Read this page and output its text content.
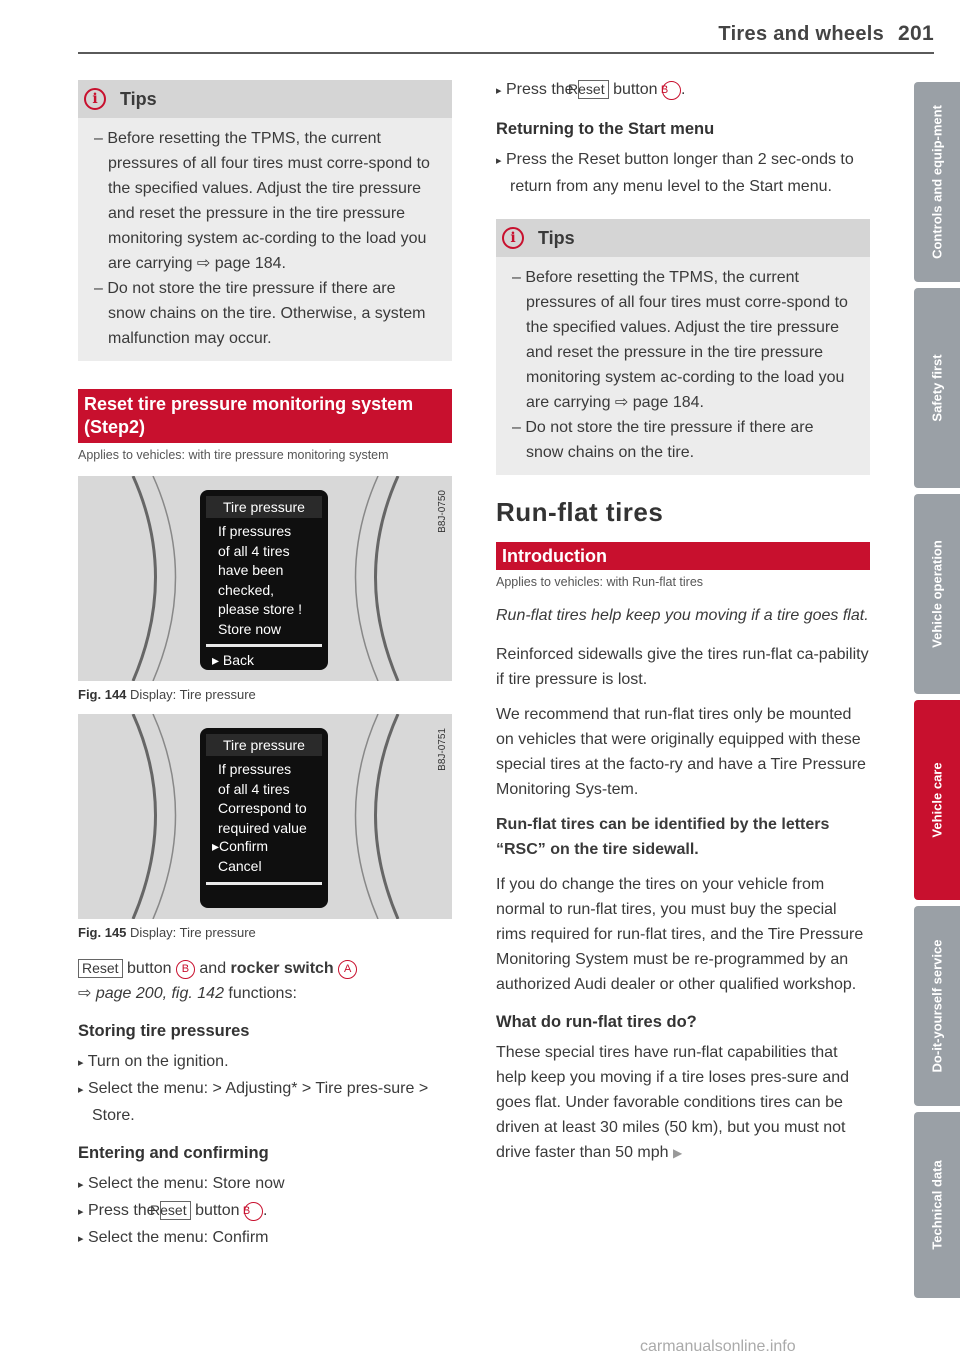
Tires and wheels 201
i	Tips
– Before resetting the TPMS, the current pressures of all four tires must corre-spond to the specified values. Adjust the tire pressure and reset the pressure in the tire pressure monitoring system ac-cording to the load you are carrying ⇨ page 184.
– Do not store the tire pressure if there are snow chains on the tire. Otherwise, a system malfunction may occur.
Reset tire pressure monitoring system (Step2)
Applies to vehicles: with tire pressure monitoring system
Tire pressure
If pressures
of all 4 tires
have been
checked,
please store !
Store now
▸ Back
B8J-0750
Fig. 144 Display: Tire pressure
Tire pressure
If pressures
of all 4 tires
Correspond to
required value
▸Confirm
Cancel
B8J-0751
Fig. 145 Display: Tire pressure
Reset button B and rocker switch A
⇨ page 200, fig. 142 functions:
Storing tire pressures
▸ Turn on the ignition.
▸ Select the menu: > Adjusting* > Tire pres-sure > Store.
Entering and confirming
▸ Select the menu: Store now
▸ Press the Reset button B .
▸ Select the menu: Confirm
▸ Press the Reset button B .
Returning to the Start menu
▸ Press the Reset button longer than 2 sec-onds to return from any menu level to the Start menu.
i	Tips
– Before resetting the TPMS, the current pressures of all four tires must corre-spond to the specified values. Adjust the tire pressure and reset the pressure in the tire pressure monitoring system ac-cording to the load you are carrying ⇨ page 184.
– Do not store the tire pressure if there are snow chains on the tire.
Run-flat tires
Introduction
Applies to vehicles: with Run-flat tires
Run-flat tires help keep you moving if a tire goes flat.
Reinforced sidewalls give the tires run-flat ca-pability if tire pressure is lost.
We recommend that run-flat tires only be mounted on vehicles that were originally equipped with these special tires at the facto-ry and have a Tire Pressure Monitoring Sys-tem.
Run-flat tires can be identified by the letters “RSC” on the tire sidewall.
If you do change the tires on your vehicle from normal to run-flat tires, you must buy the special rims required for run-flat tires, and the Tire Pressure Monitoring System must be re-programmed by an authorized Audi dealer or other qualified workshop.
What do run-flat tires do?
These special tires have run-flat capabilities that help keep you moving if a tire loses pres-sure and goes flat. Under favorable conditions tires can be driven at least 30 miles (50 km), but you must not drive faster than 50 mph ▶
Controls and equip-ment
Safety first
Vehicle operation
Vehicle care
Do-it-yourself service
Technical data
carmanualsonline.info
